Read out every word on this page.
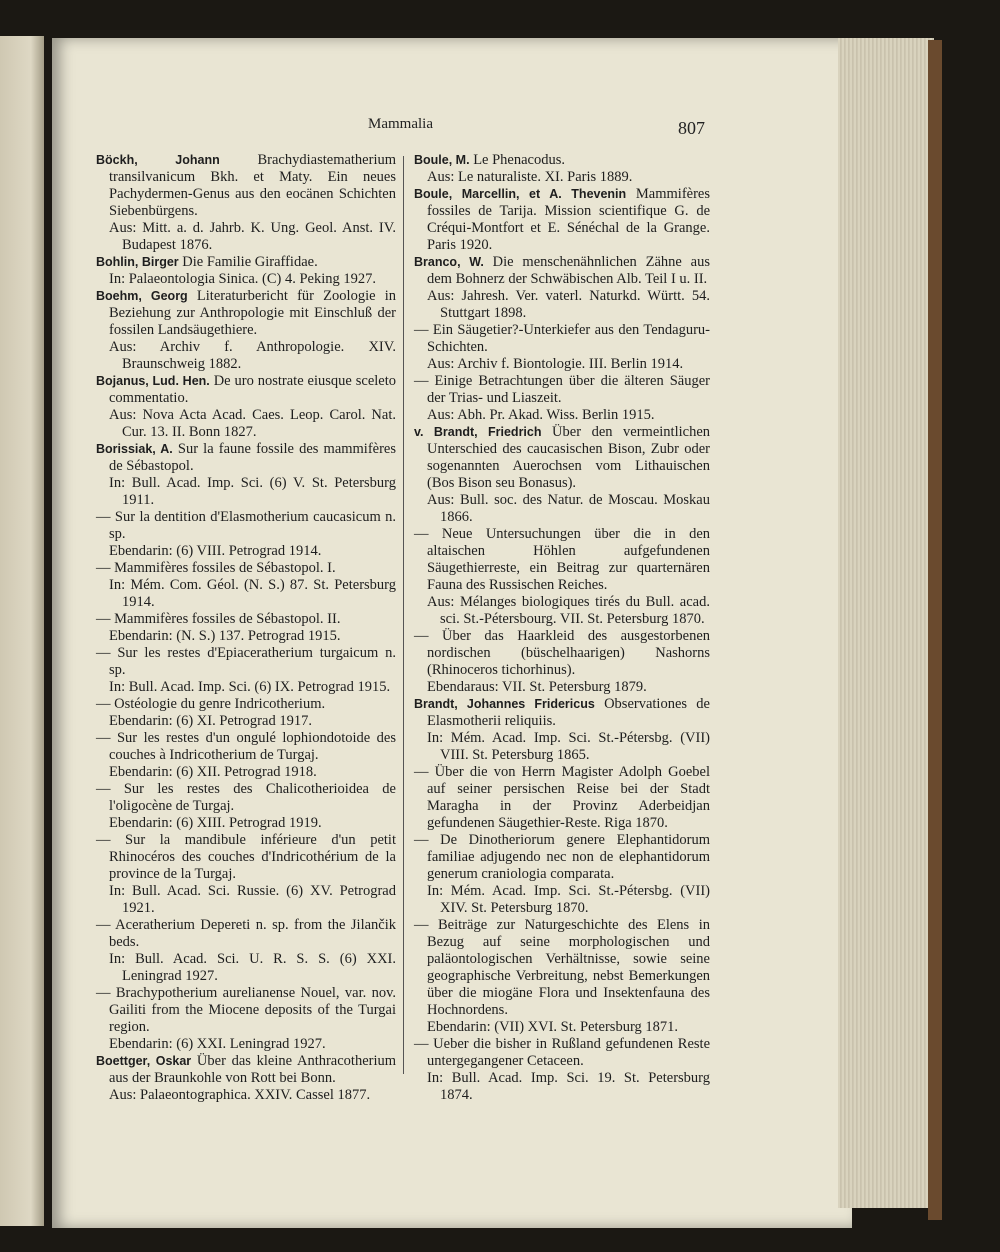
Mammalia	807

Böckh, Johann	Brachydiastematherium transilvanicum Bkh. et Maty. Ein neues Pachydermen-Genus aus den eocänen Schichten Siebenbürgens.
Aus: Mitt. a. d. Jahrb. K. Ung. Geol. Anst. IV. Budapest 1876.

Bohlin, Birger Die Familie Giraffidae.
In: Palaeontologia Sinica. (C) 4. Peking 1927.

Boehm, Georg Literaturbericht für Zoologie in Beziehung zur Anthropologie mit Einschluß der fossilen Landsäugethiere.
Aus: Archiv f. Anthropologie. XIV. Braunschweig 1882.

Bojanus, Lud. Hen. De uro nostrate eiusque sceleto commentatio.
Aus: Nova Acta Acad. Caes. Leop. Carol. Nat. Cur. 13. II. Bonn 1827.

Borissiak, A. Sur la faune fossile des mammifères de Sébastopol.
In: Bull. Acad. Imp. Sci. (6) V. St. Petersburg 1911.

— Sur la dentition d'Elasmotherium caucasicum n. sp.
Ebendarin: (6) VIII. Petrograd 1914.

— Mammifères fossiles de Sébastopol. I.
In: Mém. Com. Géol. (N. S.) 87. St. Petersburg 1914.

— Mammifères fossiles de Sébastopol. II.
Ebendarin: (N. S.) 137. Petrograd 1915.

— Sur les restes d'Epiaceratherium turgaicum n. sp.
In: Bull. Acad. Imp. Sci. (6) IX. Petrograd 1915.

— Ostéologie du genre Indricotherium.
Ebendarin: (6) XI. Petrograd 1917.

— Sur les restes d'un ongulé lophiondotoide des couches à Indricotherium de Turgaj.
Ebendarin: (6) XII. Petrograd 1918.

— Sur les restes des Chalicotherioidea de l'oligocène de Turgaj.
Ebendarin: (6) XIII. Petrograd 1919.

— Sur la mandibule inférieure d'un petit Rhinocéros des couches d'Indricothérium de la province de la Turgaj.
In: Bull. Acad. Sci. Russie. (6) XV. Petrograd 1921.

— Aceratherium Depereti n. sp. from the Jilančik beds.
In: Bull. Acad. Sci. U. R. S. S. (6) XXI. Leningrad 1927.

— Brachypotherium aurelianense Nouel, var. nov. Gailiti from the Miocene deposits of the Turgai region.
Ebendarin: (6) XXI. Leningrad 1927.

Boettger, Oskar Über das kleine Anthracotherium aus der Braunkohle von Rott bei Bonn.
Aus: Palaeontographica. XXIV. Cassel 1877.

Boule, M. Le Phenacodus.
Aus: Le naturaliste. XI. Paris 1889.

Boule, Marcellin, et A. Thevenin Mammifères fossiles de Tarija. Mission scientifique G. de Créqui-Montfort et E. Sénéchal de la Grange. Paris 1920.

Branco, W. Die menschenähnlichen Zähne aus dem Bohnerz der Schwäbischen Alb. Teil I u. II.
Aus: Jahresh. Ver. vaterl. Naturkd. Württ. 54. Stuttgart 1898.

— Ein Säugetier?-Unterkiefer aus den Tendaguru-Schichten.
Aus: Archiv f. Biontologie. III. Berlin 1914.

— Einige Betrachtungen über die älteren Säuger der Trias- und Liaszeit.
Aus: Abh. Pr. Akad. Wiss. Berlin 1915.

v. Brandt, Friedrich Über den vermeintlichen Unterschied des caucasischen Bison, Zubr oder sogenannten Auerochsen vom Lithauischen (Bos Bison seu Bonasus).
Aus: Bull. soc. des Natur. de Moscau. Moskau 1866.

— Neue Untersuchungen über die in den altaischen Höhlen aufgefundenen Säugethierreste, ein Beitrag zur quarternären Fauna des Russischen Reiches.
Aus: Mélanges biologiques tirés du Bull. acad. sci. St.-Pétersbourg. VII. St. Petersburg 1870.

— Über das Haarkleid des ausgestorbenen nordischen (büschelhaarigen) Nashorns (Rhinoceros tichorhinus).
Ebendaraus: VII. St. Petersburg 1879.

Brandt, Johannes Fridericus Observationes de Elasmotherii reliquiis.
In: Mém. Acad. Imp. Sci. St.-Pétersbg. (VII) VIII. St. Petersburg 1865.

— Über die von Herrn Magister Adolph Goebel auf seiner persischen Reise bei der Stadt Maragha in der Provinz Aderbeidjan gefundenen Säugethier-Reste. Riga 1870.

— De Dinotheriorum genere Elephantidorum familiae adjugendo nec non de elephantidorum generum craniologia comparata.
In: Mém. Acad. Imp. Sci. St.-Pétersbg. (VII) XIV. St. Petersburg 1870.

— Beiträge zur Naturgeschichte des Elens in Bezug auf seine morphologischen und paläontologischen Verhältnisse, sowie seine geographische Verbreitung, nebst Bemerkungen über die miogäne Flora und Insektenfauna des Hochnordens.
Ebendarin: (VII) XVI. St. Petersburg 1871.

— Ueber die bisher in Rußland gefundenen Reste untergegangener Cetaceen.
In: Bull. Acad. Imp. Sci. 19. St. Petersburg 1874.
